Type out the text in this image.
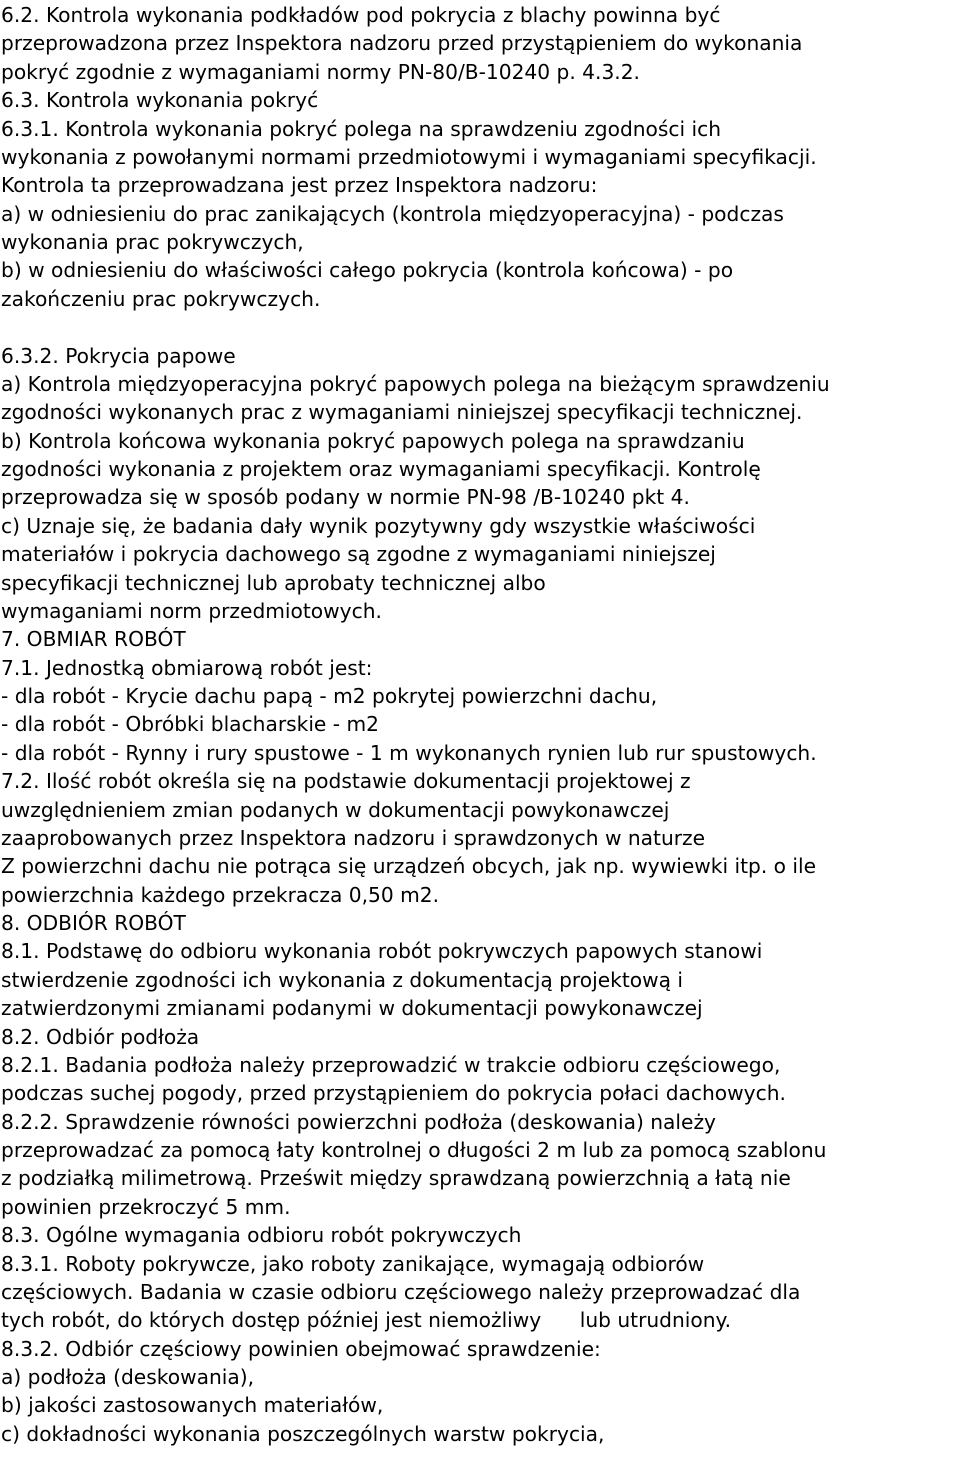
6.2. Kontrola wykonania podkładów pod pokrycia z blachy powinna być
przeprowadzona przez Inspektora nadzoru przed przystąpieniem do wykonania
pokryć zgodnie z wymaganiami normy PN-80/B-10240 p. 4.3.2.
6.3. Kontrola wykonania pokryć
6.3.1. Kontrola wykonania pokryć polega na sprawdzeniu zgodności ich
wykonania z powołanymi normami przedmiotowymi i wymaganiami specyfikacji.
Kontrola ta przeprowadzana jest przez Inspektora nadzoru:
a) w odniesieniu do prac zanikających (kontrola międzyoperacyjna) - podczas
wykonania prac pokrywczych,
b) w odniesieniu do właściwości całego pokrycia (kontrola końcowa) - po
zakończeniu prac pokrywczych.
6.3.2. Pokrycia papowe
a) Kontrola międzyoperacyjna pokryć papowych polega na bieżącym sprawdzeniu
zgodności wykonanych prac z wymaganiami niniejszej specyfikacji technicznej.
b) Kontrola końcowa wykonania pokryć papowych polega na sprawdzaniu
zgodności wykonania z projektem oraz wymaganiami specyfikacji. Kontrolę
przeprowadza się w sposób podany w normie PN-98 /B-10240 pkt 4.
c) Uznaje się, że badania dały wynik pozytywny gdy wszystkie właściwości
materiałów i pokrycia dachowego są zgodne z wymaganiami niniejszej
specyfikacji technicznej lub aprobaty technicznej albo
wymaganiami norm przedmiotowych.
7. OBMIAR ROBÓT
7.1. Jednostką obmiarową robót jest:
- dla robót - Krycie dachu papą - m2 pokrytej powierzchni dachu,
- dla robót - Obróbki blacharskie - m2
- dla robót - Rynny i rury spustowe - 1 m wykonanych rynien lub rur spustowych.
7.2. Ilość robót określa się na podstawie dokumentacji projektowej z
uwzględnieniem zmian podanych w dokumentacji powykonawczej
zaaprobowanych przez Inspektora nadzoru i sprawdzonych w naturze
Z powierzchni dachu nie potrąca się urządzeń obcych, jak np. wywiewki itp. o ile
powierzchnia każdego przekracza 0,50 m2.
8. ODBIÓR ROBÓT
8.1. Podstawę do odbioru wykonania robót pokrywczych papowych stanowi
stwierdzenie zgodności ich wykonania z dokumentacją projektową i
zatwierdzonymi zmianami podanymi w dokumentacji powykonawczej
8.2. Odbiór podłoża
8.2.1. Badania podłoża należy przeprowadzić w trakcie odbioru częściowego,
podczas suchej pogody, przed przystąpieniem do pokrycia połaci dachowych.
8.2.2. Sprawdzenie równości powierzchni podłoża (deskowania) należy
przeprowadzać za pomocą łaty kontrolnej o długości 2 m lub za pomocą szablonu
z podziałką milimetrową. Prześwit między sprawdzaną powierzchnią a łatą nie
powinien przekroczyć 5 mm.
8.3. Ogólne wymagania odbioru robót pokrywczych
8.3.1. Roboty pokrywcze, jako roboty zanikające, wymagają odbiorów
częściowych. Badania w czasie odbioru częściowego należy przeprowadzać dla
tych robót, do których dostęp później jest niemożliwy      lub utrudniony.
8.3.2. Odbiór częściowy powinien obejmować sprawdzenie:
a) podłoża (deskowania),
b) jakości zastosowanych materiałów,
c) dokładności wykonania poszczególnych warstw pokrycia,
